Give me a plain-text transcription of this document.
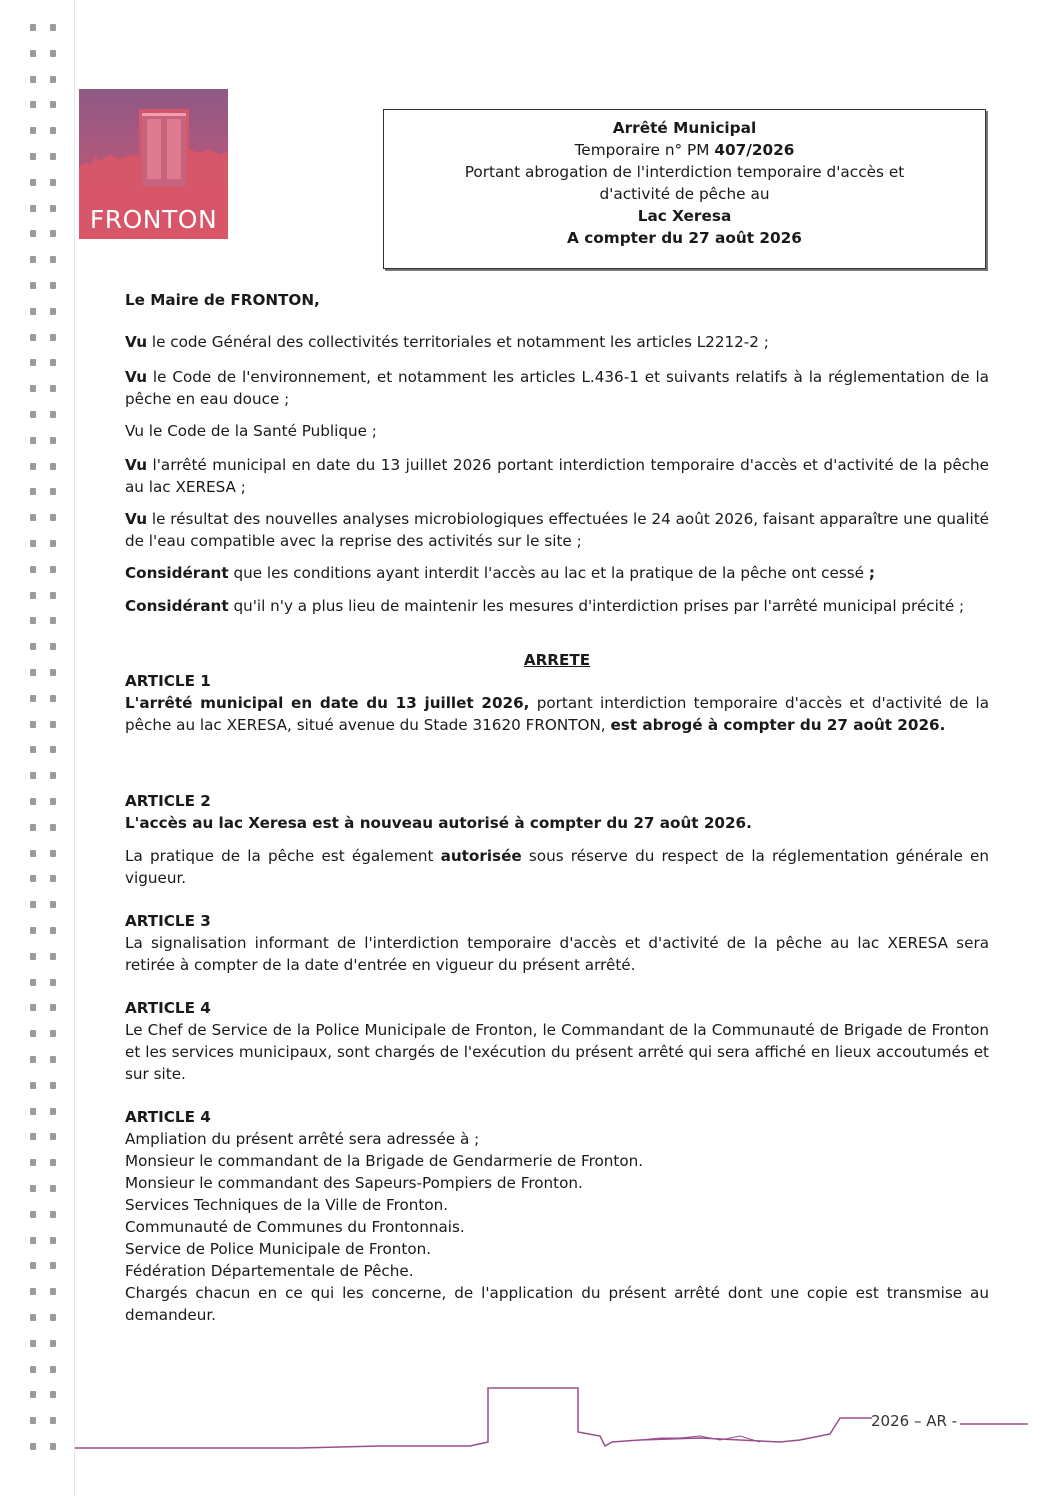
FRONTON
Arrêté Municipal
Temporaire n° PM 407/2026
Portant abrogation de l'interdiction temporaire d'accès et
d'activité de pêche au
Lac Xeresa
A compter du 27 août 2026
Le Maire de FRONTON,
Vu le code Général des collectivités territoriales et notamment les articles L2212-2 ;
Vu le Code de l'environnement, et notamment les articles L.436-1 et suivants relatifs à la réglementation de la pêche en eau douce ;
Vu le Code de la Santé Publique ;
Vu l'arrêté municipal en date du 13 juillet 2026 portant interdiction temporaire d'accès et d'activité de la pêche au lac XERESA ;
Vu le résultat des nouvelles analyses microbiologiques effectuées le 24 août 2026, faisant apparaître une qualité de l'eau compatible avec la reprise des activités sur le site ;
Considérant que les conditions ayant interdit l'accès au lac et la pratique de la pêche ont cessé ;
Considérant qu'il n'y a plus lieu de maintenir les mesures d'interdiction prises par l'arrêté municipal précité ;
ARRETE
ARTICLE 1
L'arrêté municipal en date du 13 juillet 2026, portant interdiction temporaire d'accès et d'activité de la pêche au lac XERESA, situé avenue du Stade 31620 FRONTON, est abrogé à compter du 27 août 2026.
ARTICLE 2
L'accès au lac Xeresa est à nouveau autorisé à compter du 27 août 2026.
La pratique de la pêche est également autorisée sous réserve du respect de la réglementation générale en vigueur.
ARTICLE 3
La signalisation informant de l'interdiction temporaire d'accès et d'activité de la pêche au lac XERESA sera retirée à compter de la date d'entrée en vigueur du présent arrêté.
ARTICLE 4
Le Chef de Service de la Police Municipale de Fronton, le Commandant de la Communauté de Brigade de Fronton et les services municipaux, sont chargés de l'exécution du présent arrêté qui sera affiché en lieux accoutumés et sur site.
ARTICLE 4
Ampliation du présent arrêté sera adressée à ;
Monsieur le commandant de la Brigade de Gendarmerie de Fronton.
Monsieur le commandant des Sapeurs-Pompiers de Fronton.
Services Techniques de la Ville de Fronton.
Communauté de Communes du Frontonnais.
Service de Police Municipale de Fronton.
Fédération Départementale de Pêche.
Chargés chacun en ce qui les concerne, de l'application du présent arrêté dont une copie est transmise au demandeur.
2026 – AR -
